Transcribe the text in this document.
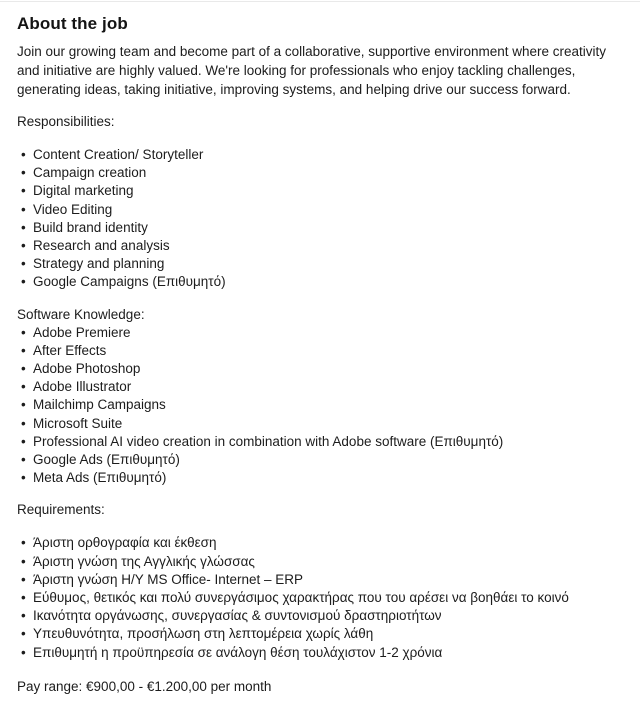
About the job

Join our growing team and become part of a collaborative, supportive environment where creativity and initiative are highly valued. We're looking for professionals who enjoy tackling challenges, generating ideas, taking initiative, improving systems, and helping drive our success forward.

Responsibilities:

• Content Creation/ Storyteller
• Campaign creation
• Digital marketing
• Video Editing
• Build brand identity
• Research and analysis
• Strategy and planning
• Google Campaigns (Επιθυμητό)

Software Knowledge:

• Adobe Premiere
• After Effects
• Adobe Photoshop
• Adobe Illustrator
• Mailchimp Campaigns
• Microsoft Suite
• Professional AI video creation in combination with Adobe software (Επιθυμητό)
• Google Ads (Επιθυμητό)
• Meta Ads (Επιθυμητό)

Requirements:

• Άριστη ορθογραφία και έκθεση
• Άριστη γνώση της Αγγλικής γλώσσας
• Άριστη γνώση Η/Υ MS Office- Internet – ERP
• Εύθυμος, θετικός και πολύ συνεργάσιμος χαρακτήρας που του αρέσει να βοηθάει το κοινό
• Ικανότητα οργάνωσης, συνεργασίας & συντονισμού δραστηριοτήτων
• Υπευθυνότητα, προσήλωση στη λεπτομέρεια χωρίς λάθη
• Επιθυμητή η προϋπηρεσία σε ανάλογη θέση τουλάχιστον 1-2 χρόνια

Pay range: €900,00 - €1.200,00 per month
